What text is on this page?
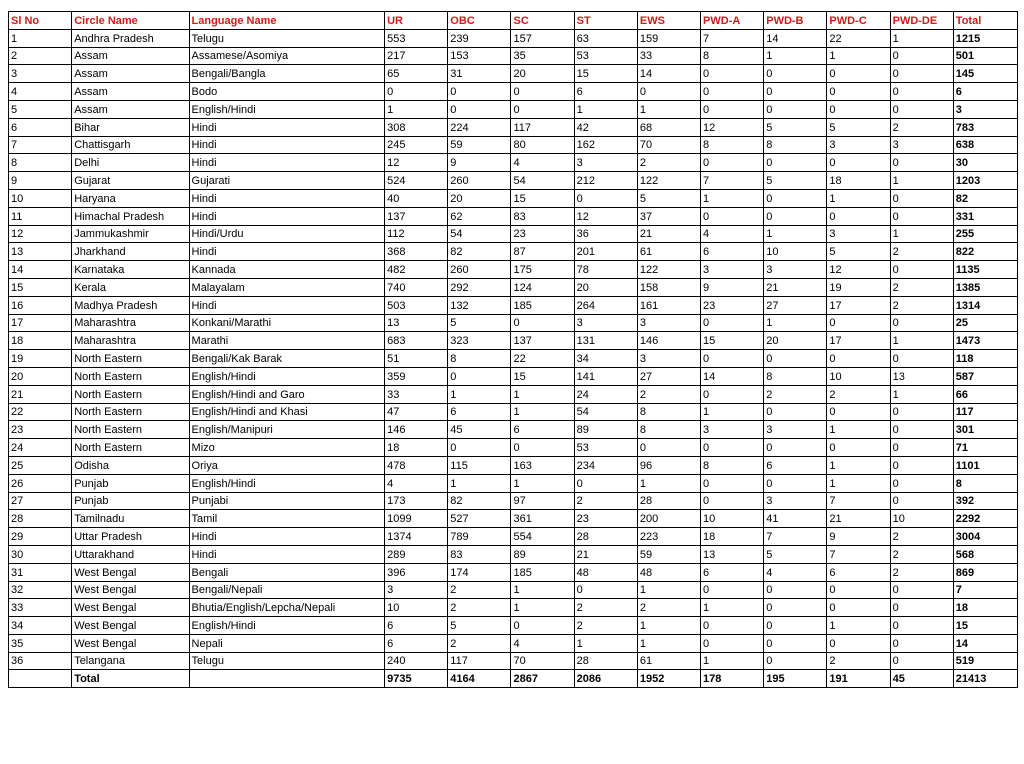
Sl No	Circle Name	Language Name	UR	OBC	SC	ST	EWS	PWD-A	PWD-B	PWD-C	PWD-DE	Total
1	Andhra Pradesh	Telugu	553	239	157	63	159	7	14	22	1	1215
2	Assam	Assamese/Asomiya	217	153	35	53	33	8	1	1	0	501
3	Assam	Bengali/Bangla	65	31	20	15	14	0	0	0	0	145
4	Assam	Bodo	0	0	0	6	0	0	0	0	0	6
5	Assam	English/Hindi	1	0	0	1	1	0	0	0	0	3
6	Bihar	Hindi	308	224	117	42	68	12	5	5	2	783
7	Chattisgarh	Hindi	245	59	80	162	70	8	8	3	3	638
8	Delhi	Hindi	12	9	4	3	2	0	0	0	0	30
9	Gujarat	Gujarati	524	260	54	212	122	7	5	18	1	1203
10	Haryana	Hindi	40	20	15	0	5	1	0	1	0	82
11	Himachal Pradesh	Hindi	137	62	83	12	37	0	0	0	0	331
12	Jammukashmir	Hindi/Urdu	112	54	23	36	21	4	1	3	1	255
13	Jharkhand	Hindi	368	82	87	201	61	6	10	5	2	822
14	Karnataka	Kannada	482	260	175	78	122	3	3	12	0	1135
15	Kerala	Malayalam	740	292	124	20	158	9	21	19	2	1385
16	Madhya Pradesh	Hindi	503	132	185	264	161	23	27	17	2	1314
17	Maharashtra	Konkani/Marathi	13	5	0	3	3	0	1	0	0	25
18	Maharashtra	Marathi	683	323	137	131	146	15	20	17	1	1473
19	North Eastern	Bengali/Kak Barak	51	8	22	34	3	0	0	0	0	118
20	North Eastern	English/Hindi	359	0	15	141	27	14	8	10	13	587
21	North Eastern	English/Hindi and Garo	33	1	1	24	2	0	2	2	1	66
22	North Eastern	English/Hindi and Khasi	47	6	1	54	8	1	0	0	0	117
23	North Eastern	English/Manipuri	146	45	6	89	8	3	3	1	0	301
24	North Eastern	Mizo	18	0	0	53	0	0	0	0	0	71
25	Odisha	Oriya	478	115	163	234	96	8	6	1	0	1101
26	Punjab	English/Hindi	4	1	1	0	1	0	0	1	0	8
27	Punjab	Punjabi	173	82	97	2	28	0	3	7	0	392
28	Tamilnadu	Tamil	1099	527	361	23	200	10	41	21	10	2292
29	Uttar Pradesh	Hindi	1374	789	554	28	223	18	7	9	2	3004
30	Uttarakhand	Hindi	289	83	89	21	59	13	5	7	2	568
31	West Bengal	Bengali	396	174	185	48	48	6	4	6	2	869
32	West Bengal	Bengali/Nepali	3	2	1	0	1	0	0	0	0	7
33	West Bengal	Bhutia/English/Lepcha/Nepali	10	2	1	2	2	1	0	0	0	18
34	West Bengal	English/Hindi	6	5	0	2	1	0	0	1	0	15
35	West Bengal	Nepali	6	2	4	1	1	0	0	0	0	14
36	Telangana	Telugu	240	117	70	28	61	1	0	2	0	519
	Total		9735	4164	2867	2086	1952	178	195	191	45	21413
